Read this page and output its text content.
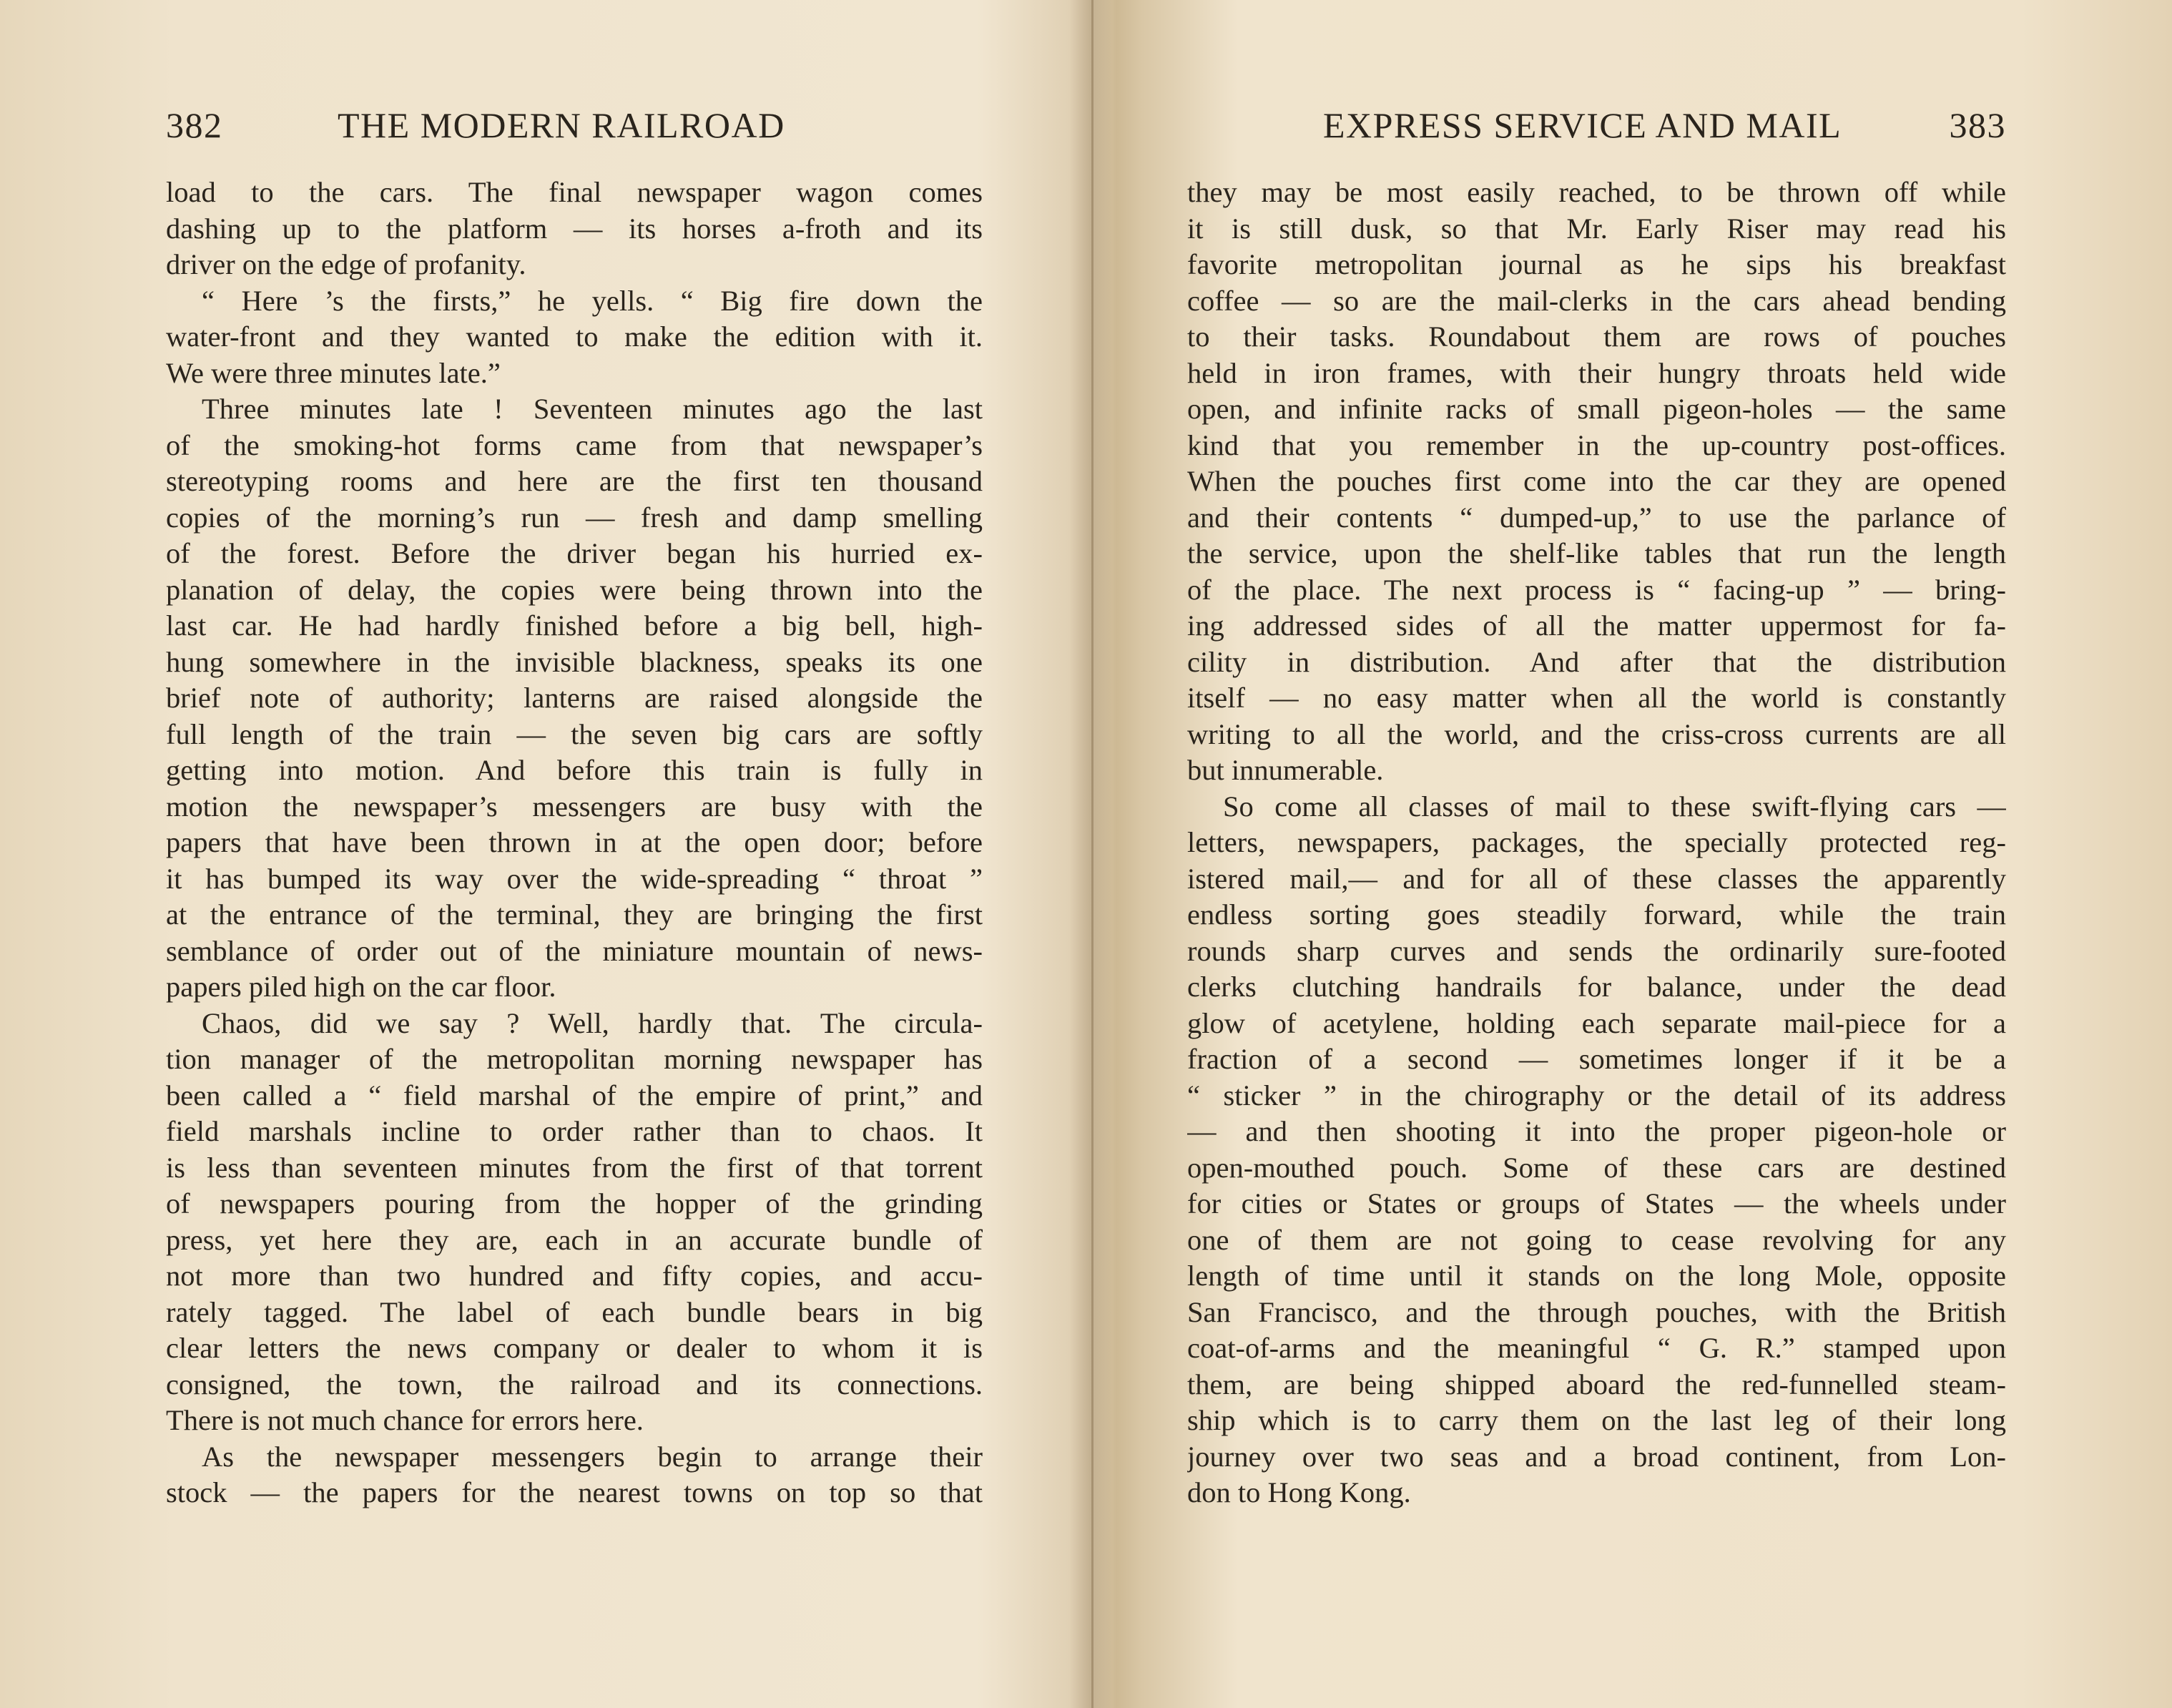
382	THE MODERN RAILROAD
load to the cars. The final newspaper wagon comes
dashing up to the platform — its horses a-froth and its
driver on the edge of profanity.
“ Here ’s the firsts,” he yells. “ Big fire down the
water-front and they wanted to make the edition with it.
We were three minutes late.”
Three minutes late ! Seventeen minutes ago the last
of the smoking-hot forms came from that newspaper’s
stereotyping rooms and here are the first ten thousand
copies of the morning’s run — fresh and damp smelling
of the forest. Before the driver began his hurried ex-
planation of delay, the copies were being thrown into the
last car. He had hardly finished before a big bell, high-
hung somewhere in the invisible blackness, speaks its one
brief note of authority; lanterns are raised alongside the
full length of the train — the seven big cars are softly
getting into motion. And before this train is fully in
motion the newspaper’s messengers are busy with the
papers that have been thrown in at the open door; before
it has bumped its way over the wide-spreading “ throat ”
at the entrance of the terminal, they are bringing the first
semblance of order out of the miniature mountain of news-
papers piled high on the car floor.
Chaos, did we say ? Well, hardly that. The circula-
tion manager of the metropolitan morning newspaper has
been called a “ field marshal of the empire of print,” and
field marshals incline to order rather than to chaos. It
is less than seventeen minutes from the first of that torrent
of newspapers pouring from the hopper of the grinding
press, yet here they are, each in an accurate bundle of
not more than two hundred and fifty copies, and accu-
rately tagged. The label of each bundle bears in big
clear letters the news company or dealer to whom it is
consigned, the town, the railroad and its connections.
There is not much chance for errors here.
As the newspaper messengers begin to arrange their
stock — the papers for the nearest towns on top so that
EXPRESS SERVICE AND MAIL	383
they may be most easily reached, to be thrown off while
it is still dusk, so that Mr. Early Riser may read his
favorite metropolitan journal as he sips his breakfast
coffee — so are the mail-clerks in the cars ahead bending
to their tasks. Roundabout them are rows of pouches
held in iron frames, with their hungry throats held wide
open, and infinite racks of small pigeon-holes — the same
kind that you remember in the up-country post-offices.
When the pouches first come into the car they are opened
and their contents “ dumped-up,” to use the parlance of
the service, upon the shelf-like tables that run the length
of the place. The next process is “ facing-up ” — bring-
ing addressed sides of all the matter uppermost for fa-
cility in distribution. And after that the distribution
itself — no easy matter when all the world is constantly
writing to all the world, and the criss-cross currents are all
but innumerable.
So come all classes of mail to these swift-flying cars —
letters, newspapers, packages, the specially protected reg-
istered mail,— and for all of these classes the apparently
endless sorting goes steadily forward, while the train
rounds sharp curves and sends the ordinarily sure-footed
clerks clutching handrails for balance, under the dead
glow of acetylene, holding each separate mail-piece for a
fraction of a second — sometimes longer if it be a
“ sticker ” in the chirography or the detail of its address
— and then shooting it into the proper pigeon-hole or
open-mouthed pouch. Some of these cars are destined
for cities or States or groups of States — the wheels under
one of them are not going to cease revolving for any
length of time until it stands on the long Mole, opposite
San Francisco, and the through pouches, with the British
coat-of-arms and the meaningful “ G. R.” stamped upon
them, are being shipped aboard the red-funnelled steam-
ship which is to carry them on the last leg of their long
journey over two seas and a broad continent, from Lon-
don to Hong Kong.
